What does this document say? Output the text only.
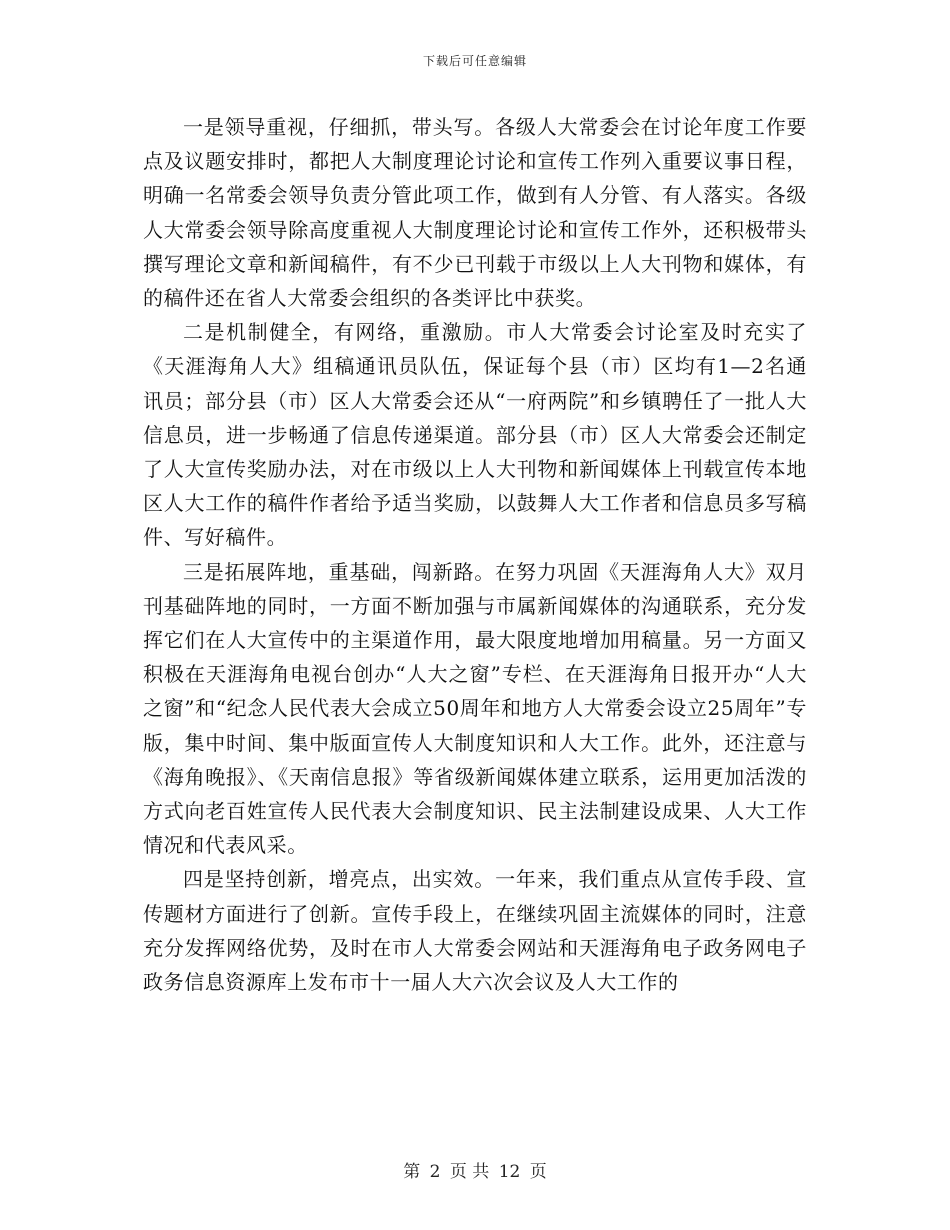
下载后可任意编辑

一是领导重视，仔细抓，带头写。各级人大常委会在讨论年度工作要点及议题安排时，都把人大制度理论讨论和宣传工作列入重要议事日程，明确一名常委会领导负责分管此项工作，做到有人分管、有人落实。各级人大常委会领导除高度重视人大制度理论讨论和宣传工作外，还积极带头撰写理论文章和新闻稿件，有不少已刊载于市级以上人大刊物和媒体，有的稿件还在省人大常委会组织的各类评比中获奖。

二是机制健全，有网络，重激励。市人大常委会讨论室及时充实了《天涯海角人大》组稿通讯员队伍，保证每个县（市）区均有1—2名通讯员；部分县（市）区人大常委会还从“一府两院”和乡镇聘任了一批人大信息员，进一步畅通了信息传递渠道。部分县（市）区人大常委会还制定了人大宣传奖励办法，对在市级以上人大刊物和新闻媒体上刊载宣传本地区人大工作的稿件作者给予适当奖励，以鼓舞人大工作者和信息员多写稿件、写好稿件。

三是拓展阵地，重基础，闯新路。在努力巩固《天涯海角人大》双月刊基础阵地的同时，一方面不断加强与市属新闻媒体的沟通联系，充分发挥它们在人大宣传中的主渠道作用，最大限度地增加用稿量。另一方面又积极在天涯海角电视台创办“人大之窗”专栏、在天涯海角日报开办“人大之窗”和“纪念人民代表大会成立50周年和地方人大常委会设立25周年”专版，集中时间、集中版面宣传人大制度知识和人大工作。此外，还注意与《海角晚报》、《天南信息报》等省级新闻媒体建立联系，运用更加活泼的方式向老百姓宣传人民代表大会制度知识、民主法制建设成果、人大工作情况和代表风采。

四是坚持创新，增亮点，出实效。一年来，我们重点从宣传手段、宣传题材方面进行了创新。宣传手段上，在继续巩固主流媒体的同时，注意充分发挥网络优势，及时在市人大常委会网站和天涯海角电子政务网电子政务信息资源库上发布市十一届人大六次会议及人大工作的

第 2 页 共 12 页
